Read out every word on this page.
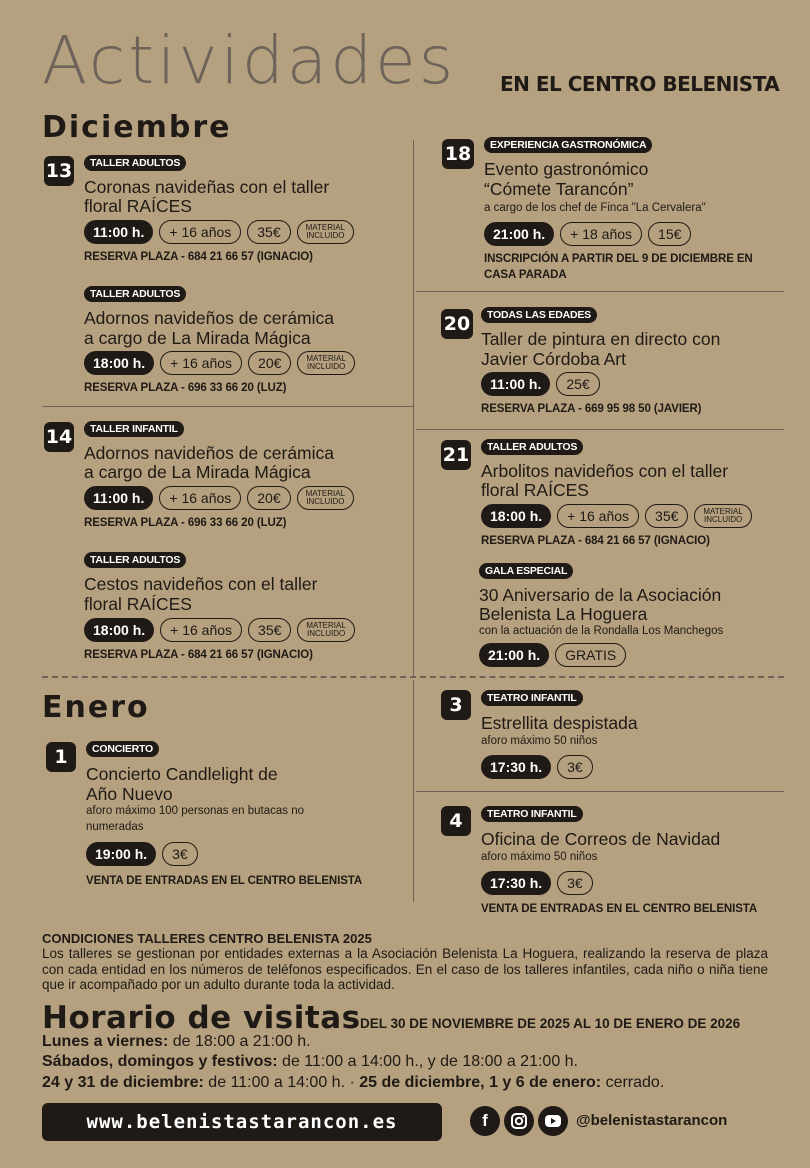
Actividades EN EL CENTRO BELENISTA
Diciembre
13	TALLER ADULTOS
Coronas navideñas con el taller
floral RAÍCES
11:00 h.	+ 16 años	35€	MATERIAL
INCLUIDO
RESERVA PLAZA - 684 21 66 57 (IGNACIO)
TALLER ADULTOS
Adornos navideños de cerámica
a cargo de La Mirada Mágica
18:00 h.	+ 16 años	20€	MATERIAL
INCLUIDO
RESERVA PLAZA - 696 33 66 20 (LUZ)
14	TALLER INFANTIL
Adornos navideños de cerámica
a cargo de La Mirada Mágica
11:00 h.	+ 16 años	20€	MATERIAL
INCLUIDO
RESERVA PLAZA - 696 33 66 20 (LUZ)
TALLER ADULTOS
Cestos navideños con el taller
floral RAÍCES
18:00 h.	+ 16 años	35€	MATERIAL
INCLUIDO
RESERVA PLAZA - 684 21 66 57 (IGNACIO)
18	EXPERIENCIA GASTRONÓMICA
Evento gastronómico
“Cómete Tarancón”
a cargo de los chef de Finca "La Cervalera"
21:00 h.	+ 18 años	15€
INSCRIPCIÓN A PARTIR DEL 9 DE DICIEMBRE EN
CASA PARADA
20	TODAS LAS EDADES
Taller de pintura en directo con
Javier Córdoba Art
11:00 h.	25€
RESERVA PLAZA - 669 95 98 50 (JAVIER)
21	TALLER ADULTOS
Arbolitos navideños con el taller
floral RAÍCES
18:00 h.	+ 16 años	35€	MATERIAL
INCLUIDO
RESERVA PLAZA - 684 21 66 57 (IGNACIO)
GALA ESPECIAL
30 Aniversario de la Asociación
Belenista La Hoguera
con la actuación de la Rondalla Los Manchegos
21:00 h.	GRATIS
Enero
1	CONCIERTO
Concierto Candlelight de
Año Nuevo
aforo máximo 100 personas en butacas no
numeradas
19:00 h.	3€
VENTA DE ENTRADAS EN EL CENTRO BELENISTA
3	TEATRO INFANTIL
Estrellita despistada
aforo máximo 50 niños
17:30 h.	3€
4	TEATRO INFANTIL
Oficina de Correos de Navidad
aforo máximo 50 niños
17:30 h.	3€
VENTA DE ENTRADAS EN EL CENTRO BELENISTA
CONDICIONES TALLERES CENTRO BELENISTA 2025
Los talleres se gestionan por entidades externas a la Asociación Belenista La Hoguera, realizando la reserva de plaza con cada entidad en los números de teléfonos especificados. En el caso de los talleres infantiles, cada niño o niña tiene que ir acompañado por un adulto durante toda la actividad.
Horario de visitas DEL 30 DE NOVIEMBRE DE 2025 AL 10 DE ENERO DE 2026
Lunes a viernes: de 18:00 a 21:00 h.
Sábados, domingos y festivos: de 11:00 a 14:00 h., y de 18:00 a 21:00 h.
24 y 31 de diciembre: de 11:00 a 14:00 h. · 25 de diciembre, 1 y 6 de enero: cerrado.
www.belenistastarancon.es	f	@belenistastarancon
